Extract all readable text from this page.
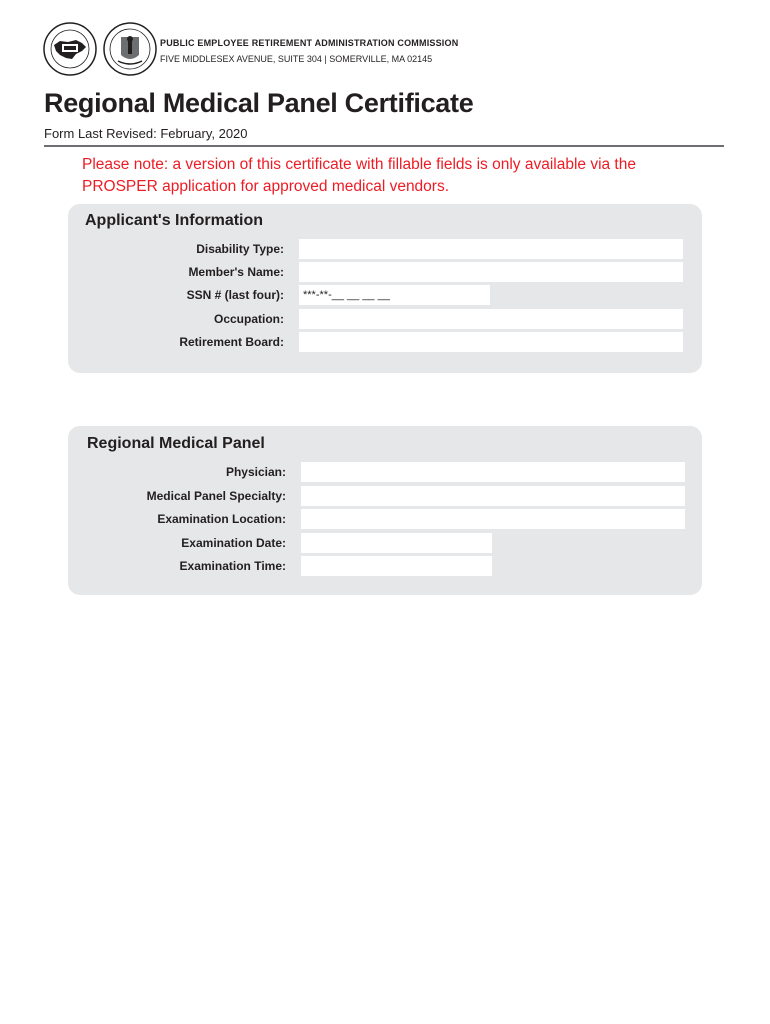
PUBLIC EMPLOYEE RETIREMENT ADMINISTRATION COMMISSION
FIVE MIDDLESEX AVENUE, SUITE 304 | SOMERVILLE, MA 02145
Regional Medical Panel Certificate
Form Last Revised: February, 2020
Please note: a version of this certificate with fillable fields is only available via the PROSPER application for approved medical vendors.
Applicant's Information
Disability Type:
Member's Name:
SSN # (last four):
***-**-__ __ __ __
Occupation:
Retirement Board:
Regional Medical Panel
Physician:
Medical Panel Specialty:
Examination Location:
Examination Date:
Examination Time:
